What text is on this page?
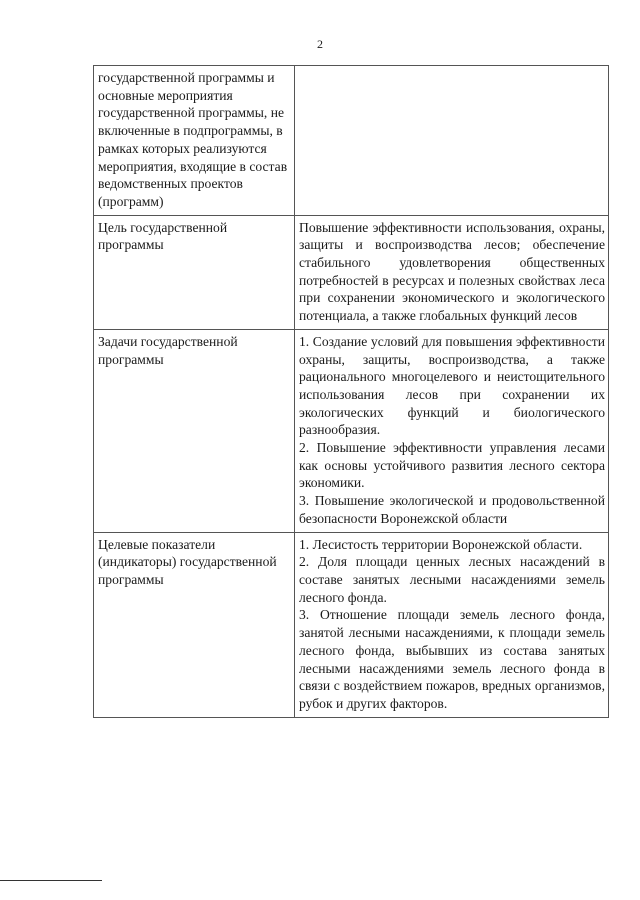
2
государственной программы и основные мероприятия государственной программы, не включенные в подпрограммы, в рамках которых реализуются мероприятия, входящие в состав ведомственных проектов (программ)	
Цель государственной программы	Повышение эффективности использования, охраны, защиты и воспроизводства лесов; обеспечение стабильного удовлетворения общественных потребностей в ресурсах и полезных свойствах леса при сохранении экономического и экологического потенциала, а также глобальных функций лесов

Задачи государственной программы	1. Создание условий для повышения эффективности охраны, защиты, воспроизводства, а также рационального многоцелевого и неистощительного использования лесов при сохранении их экологических функций и биологического разнообразия.
2. Повышение эффективности управления лесами как основы устойчивого развития лесного сектора экономики.
3. Повышение экологической и продовольственной безопасности Воронежской области

Целевые показатели (индикаторы) государственной программы	1. Лесистость территории Воронежской области.
2. Доля площади ценных лесных насаждений в составе занятых лесными насаждениями земель лесного фонда.
3. Отношение площади земель лесного фонда, занятой лесными насаждениями, к площади земель лесного фонда, выбывших из состава занятых лесными насаждениями земель лесного фонда в связи с воздействием пожаров, вредных организмов, рубок и других факторов.
